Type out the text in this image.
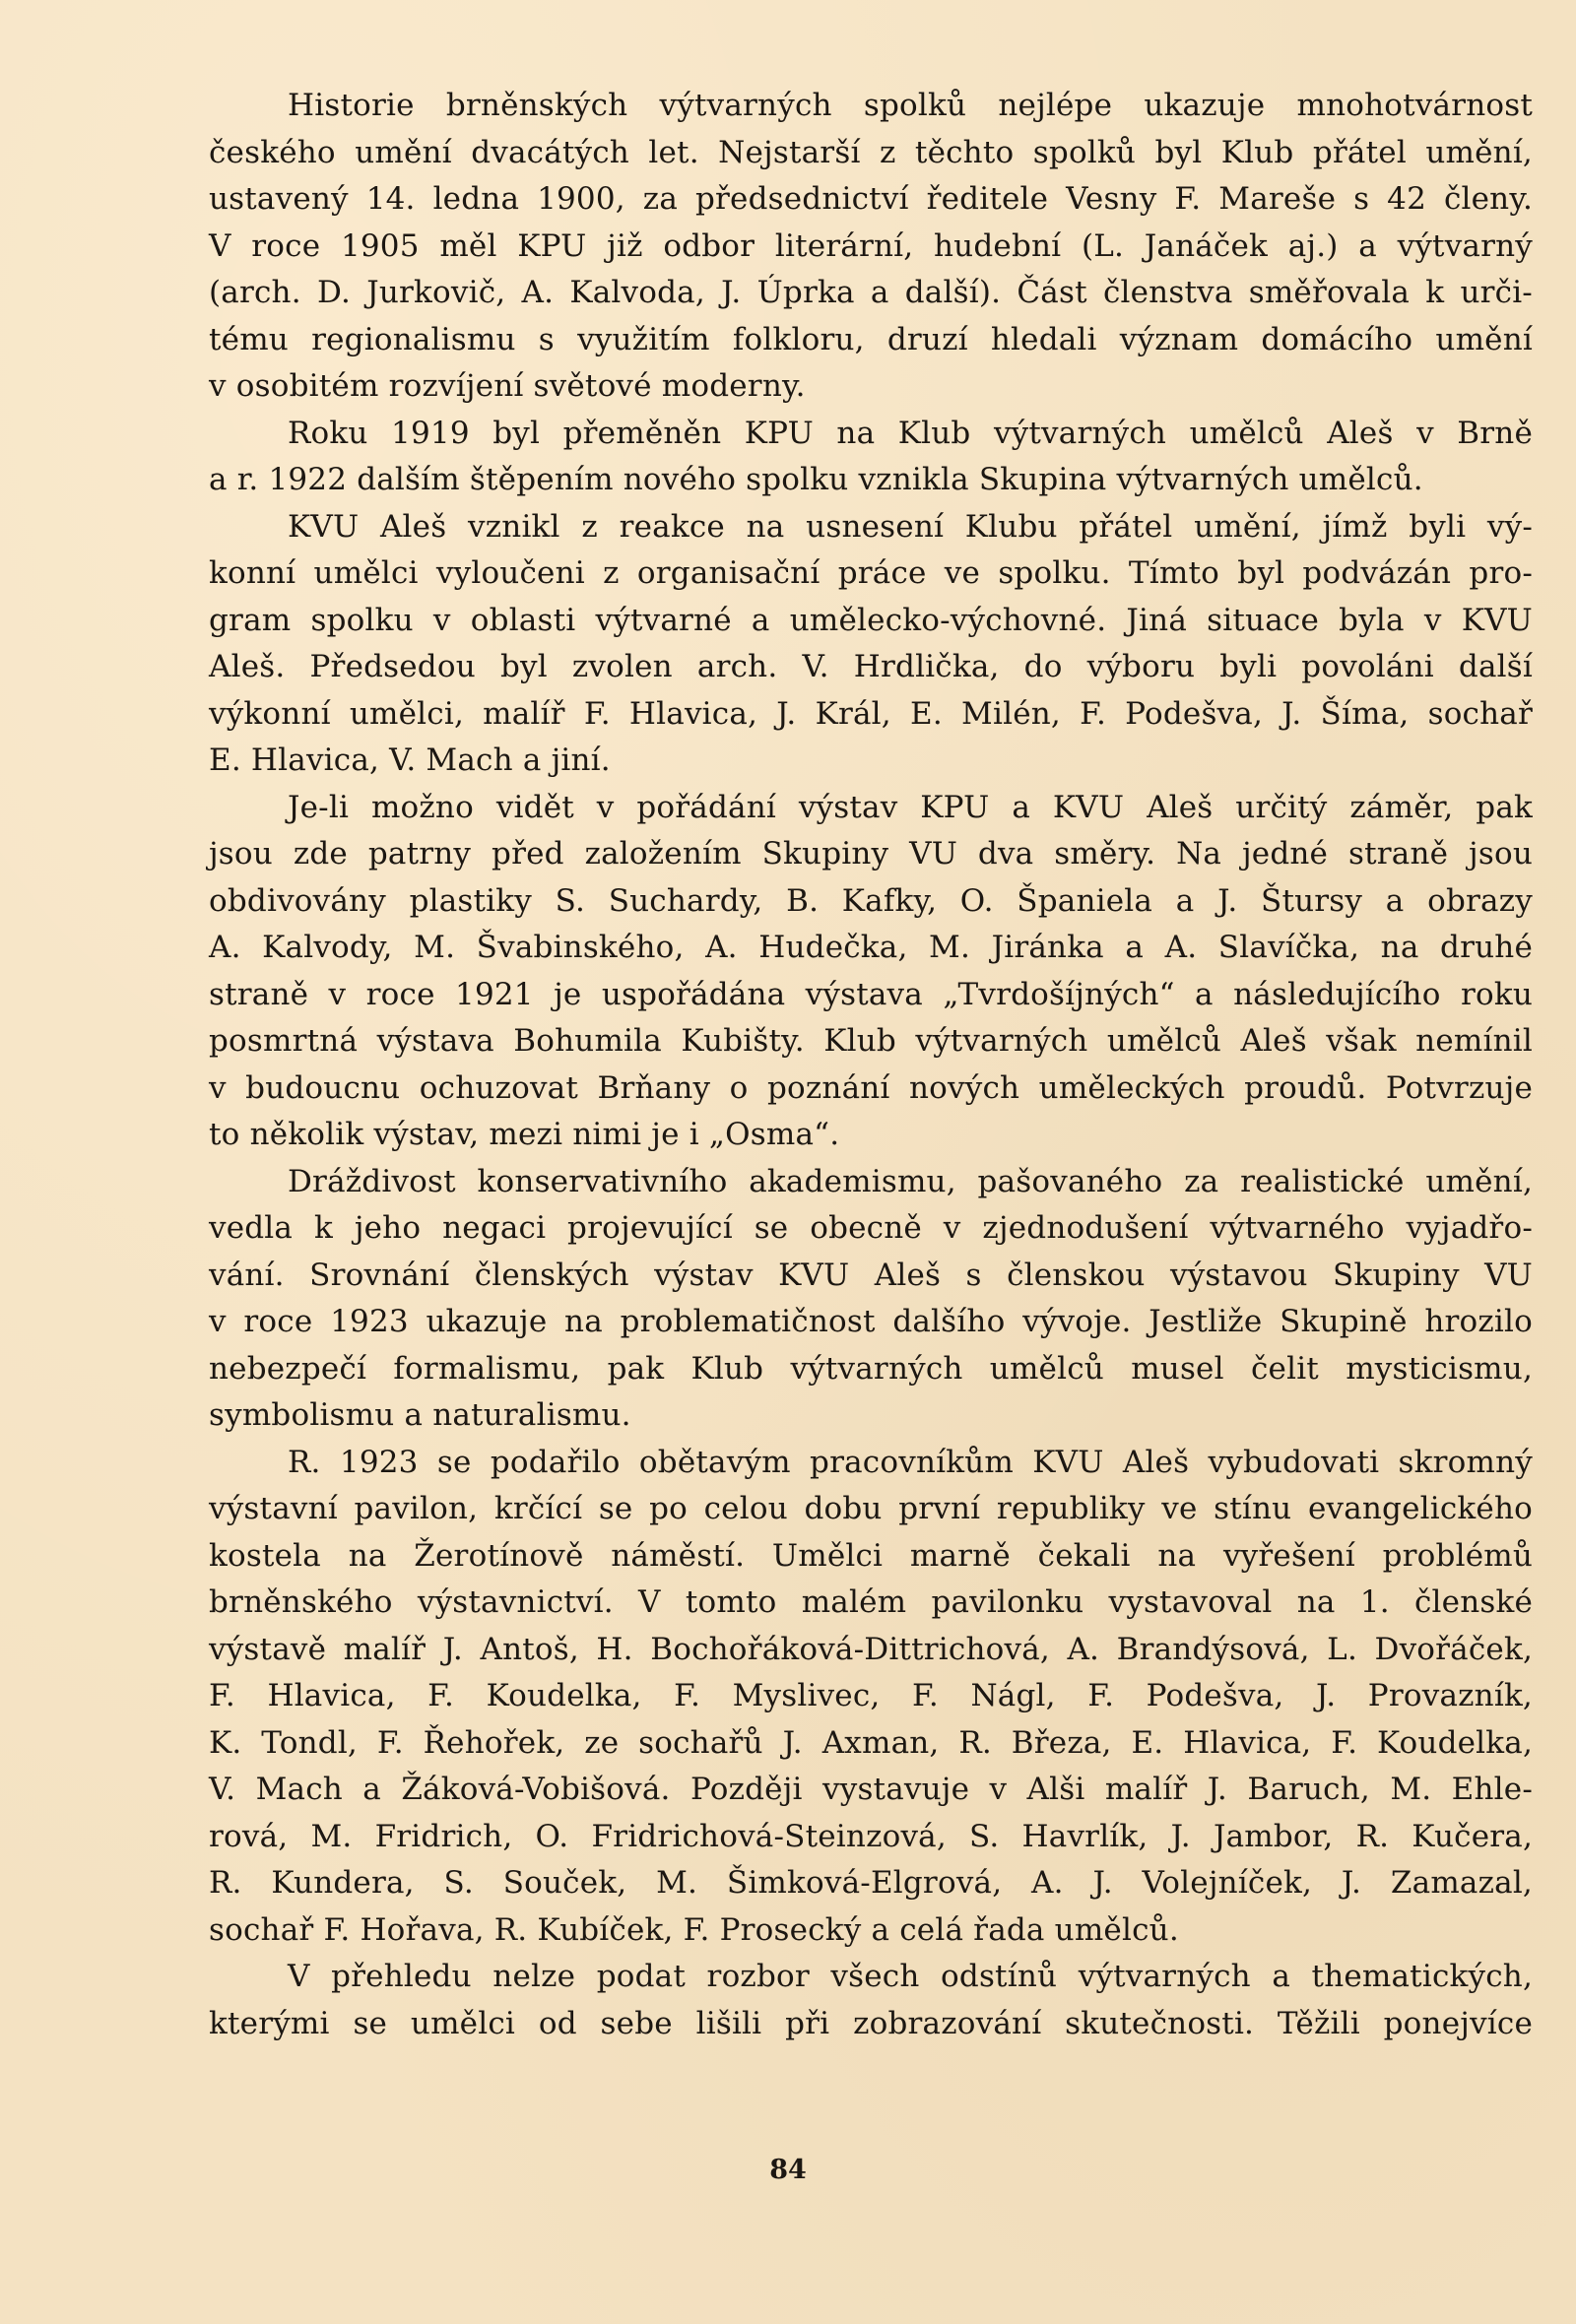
Historie brněnských výtvarných spolků nejlépe ukazuje mnohotvárnost
českého umění dvacátých let. Nejstarší z těchto spolků byl Klub přátel umění,
ustavený 14. ledna 1900, za předsednictví ředitele Vesny F. Mareše s 42 členy.
V roce 1905 měl KPU již odbor literární, hudební (L. Janáček aj.) a výtvarný
(arch. D. Jurkovič, A. Kalvoda, J. Úprka a další). Část členstva směřovala k urči-
tému regionalismu s využitím folkloru, druzí hledali význam domácího umění
v osobitém rozvíjení světové moderny.
Roku 1919 byl přeměněn KPU na Klub výtvarných umělců Aleš v Brně
a r. 1922 dalším štěpením nového spolku vznikla Skupina výtvarných umělců.
KVU Aleš vznikl z reakce na usnesení Klubu přátel umění, jímž byli vý-
konní umělci vyloučeni z organisační práce ve spolku. Tímto byl podvázán pro-
gram spolku v oblasti výtvarné a umělecko-výchovné. Jiná situace byla v KVU
Aleš. Předsedou byl zvolen arch. V. Hrdlička, do výboru byli povoláni další
výkonní umělci, malíř F. Hlavica, J. Král, E. Milén, F. Podešva, J. Šíma, sochař
E. Hlavica, V. Mach a jiní.
Je-li možno vidět v pořádání výstav KPU a KVU Aleš určitý záměr, pak
jsou zde patrny před založením Skupiny VU dva směry. Na jedné straně jsou
obdivovány plastiky S. Suchardy, B. Kafky, O. Španiela a J. Štursy a obrazy
A. Kalvody, M. Švabinského, A. Hudečka, M. Jiránka a A. Slavíčka, na druhé
straně v roce 1921 je uspořádána výstava „Tvrdošíjných“ a následujícího roku
posmrtná výstava Bohumila Kubišty. Klub výtvarných umělců Aleš však nemínil
v budoucnu ochuzovat Brňany o poznání nových uměleckých proudů. Potvrzuje
to několik výstav, mezi nimi je i „Osma“.
Dráždivost konservativního akademismu, pašovaného za realistické umění,
vedla k jeho negaci projevující se obecně v zjednodušení výtvarného vyjadřo-
vání. Srovnání členských výstav KVU Aleš s členskou výstavou Skupiny VU
v roce 1923 ukazuje na problematičnost dalšího vývoje. Jestliže Skupině hrozilo
nebezpečí formalismu, pak Klub výtvarných umělců musel čelit mysticismu,
symbolismu a naturalismu.
R. 1923 se podařilo obětavým pracovníkům KVU Aleš vybudovati skromný
výstavní pavilon, krčící se po celou dobu první republiky ve stínu evangelického
kostela na Žerotínově náměstí. Umělci marně čekali na vyřešení problémů
brněnského výstavnictví. V tomto malém pavilonku vystavoval na 1. členské
výstavě malíř J. Antoš, H. Bochořáková-Dittrichová, A. Brandýsová, L. Dvořáček,
F. Hlavica, F. Koudelka, F. Myslivec, F. Nágl, F. Podešva, J. Provazník,
K. Tondl, F. Řehořek, ze sochařů J. Axman, R. Březa, E. Hlavica, F. Koudelka,
V. Mach a Žáková-Vobišová. Později vystavuje v Alši malíř J. Baruch, M. Ehle-
rová, M. Fridrich, O. Fridrichová-Steinzová, S. Havrlík, J. Jambor, R. Kučera,
R. Kundera, S. Souček, M. Šimková-Elgrová, A. J. Volejníček, J. Zamazal,
sochař F. Hořava, R. Kubíček, F. Prosecký a celá řada umělců.
V přehledu nelze podat rozbor všech odstínů výtvarných a thematických,
kterými se umělci od sebe lišili při zobrazování skutečnosti. Těžili ponejvíce
84
